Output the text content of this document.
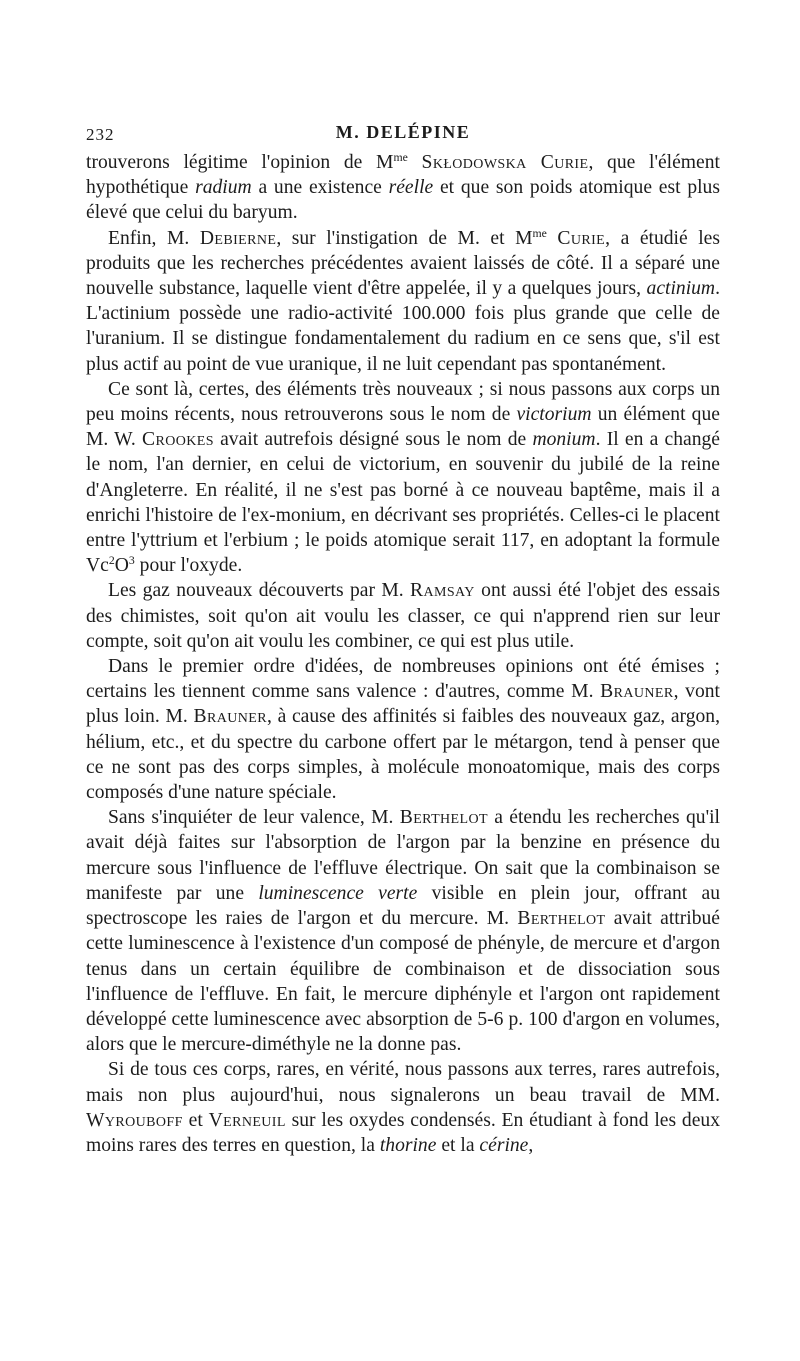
232	M. DELÉPINE

trouverons légitime l'opinion de $M^{me}$ Skłodowska Curie, que l'élément hypothétique radium a une existence réelle et que son poids atomique est plus élevé que celui du baryum.

Enfin, M. Debierne, sur l'instigation de M. et $M^{me}$ Curie, a étudié les produits que les recherches précédentes avaient laissés de côté. Il a séparé une nouvelle substance, laquelle vient d'être appelée, il y a quelques jours, actinium. L'actinium possède une radio-activité 100.000 fois plus grande que celle de l'uranium. Il se distingue fondamentalement du radium en ce sens que, s'il est plus actif au point de vue uranique, il ne luit cependant pas spontanément.

Ce sont là, certes, des éléments très nouveaux ; si nous passons aux corps un peu moins récents, nous retrouverons sous le nom de victorium un élément que M. W. Crookes avait autrefois désigné sous le nom de monium. Il en a changé le nom, l'an dernier, en celui de victorium, en souvenir du jubilé de la reine d'Angleterre. En réalité, il ne s'est pas borné à ce nouveau baptême, mais il a enrichi l'histoire de l'ex-monium, en décrivant ses propriétés. Celles-ci le placent entre l'yttrium et l'erbium ; le poids atomique serait 117, en adoptant la formule $Vc^2O^3$ pour l'oxyde.

Les gaz nouveaux découverts par M. Ramsay ont aussi été l'objet des essais des chimistes, soit qu'on ait voulu les classer, ce qui n'apprend rien sur leur compte, soit qu'on ait voulu les combiner, ce qui est plus utile.

Dans le premier ordre d'idées, de nombreuses opinions ont été émises ; certains les tiennent comme sans valence : d'autres, comme M. Brauner, vont plus loin. M. Brauner, à cause des affinités si faibles des nouveaux gaz, argon, hélium, etc., et du spectre du carbone offert par le métargon, tend à penser que ce ne sont pas des corps simples, à molécule monoatomique, mais des corps composés d'une nature spéciale.

Sans s'inquiéter de leur valence, M. Berthelot a étendu les recherches qu'il avait déjà faites sur l'absorption de l'argon par la benzine en présence du mercure sous l'influence de l'effluve électrique. On sait que la combinaison se manifeste par une luminescence verte visible en plein jour, offrant au spectroscope les raies de l'argon et du mercure. M. Berthelot avait attribué cette luminescence à l'existence d'un composé de phényle, de mercure et d'argon tenus dans un certain équilibre de combinaison et de dissociation sous l'influence de l'effluve. En fait, le mercure diphényle et l'argon ont rapidement développé cette luminescence avec absorption de 5-6 p. 100 d'argon en volumes, alors que le mercure-diméthyle ne la donne pas.

Si de tous ces corps, rares, en vérité, nous passons aux terres, rares autrefois, mais non plus aujourd'hui, nous signalerons un beau travail de MM. Wyrouboff et Verneuil sur les oxydes condensés. En étudiant à fond les deux moins rares des terres en question, la thorine et la cérine,
